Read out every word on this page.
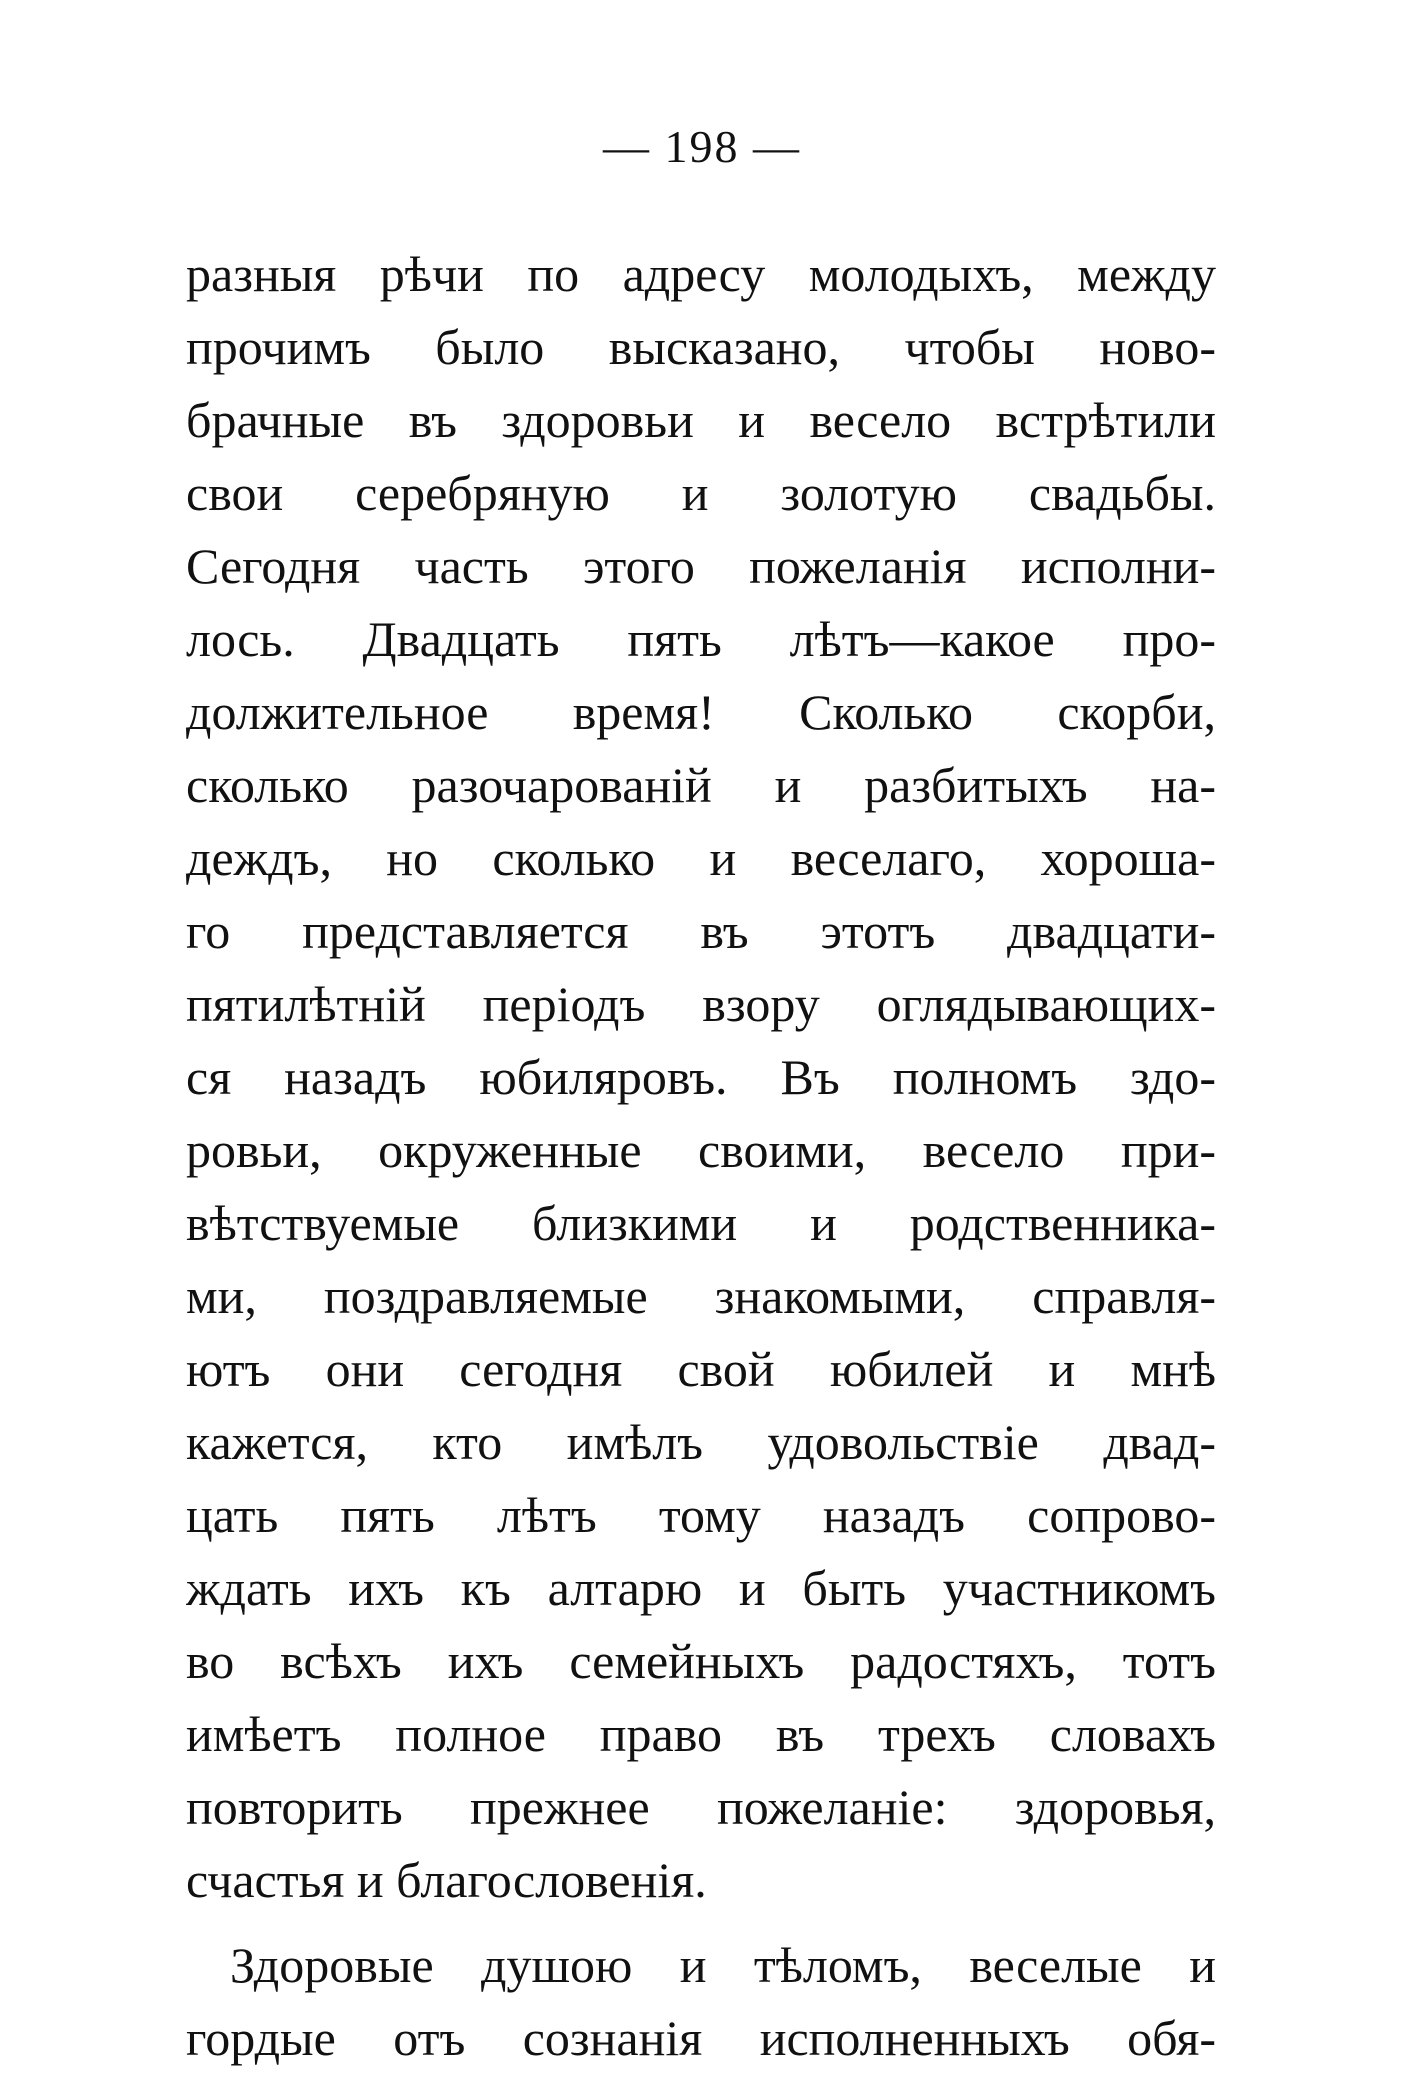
— 198 —
разныя рѣчи по адресу молодыхъ, между
прочимъ было высказано, чтобы ново-
брачные въ здоровьи и весело встрѣтили
свои серебряную и золотую свадьбы.
Сегодня часть этого пожеланія исполни-
лось. Двадцать пять лѣтъ—какое про-
должительное время! Сколько скорби,
сколько разочарованій и разбитыхъ на-
деждъ, но сколько и веселаго, хороша-
го представляется въ этотъ двадцати-
пятилѣтній періодъ взору оглядывающих-
ся назадъ юбиляровъ. Въ полномъ здо-
ровьи, окруженные своими, весело при-
вѣтствуемые близкими и родственника-
ми, поздравляемые знакомыми, справля-
ютъ они сегодня свой юбилей и мнѣ
кажется, кто имѣлъ удовольствіе двад-
цать пять лѣтъ тому назадъ сопрово-
ждать ихъ къ алтарю и быть участникомъ
во всѣхъ ихъ семейныхъ радостяхъ, тотъ
имѣетъ полное право въ трехъ словахъ
повторить прежнее пожеланіе: здоровья,
счастья и благословенія.
Здоровые душою и тѣломъ, веселые и
гордые отъ сознанія исполненныхъ обя-
